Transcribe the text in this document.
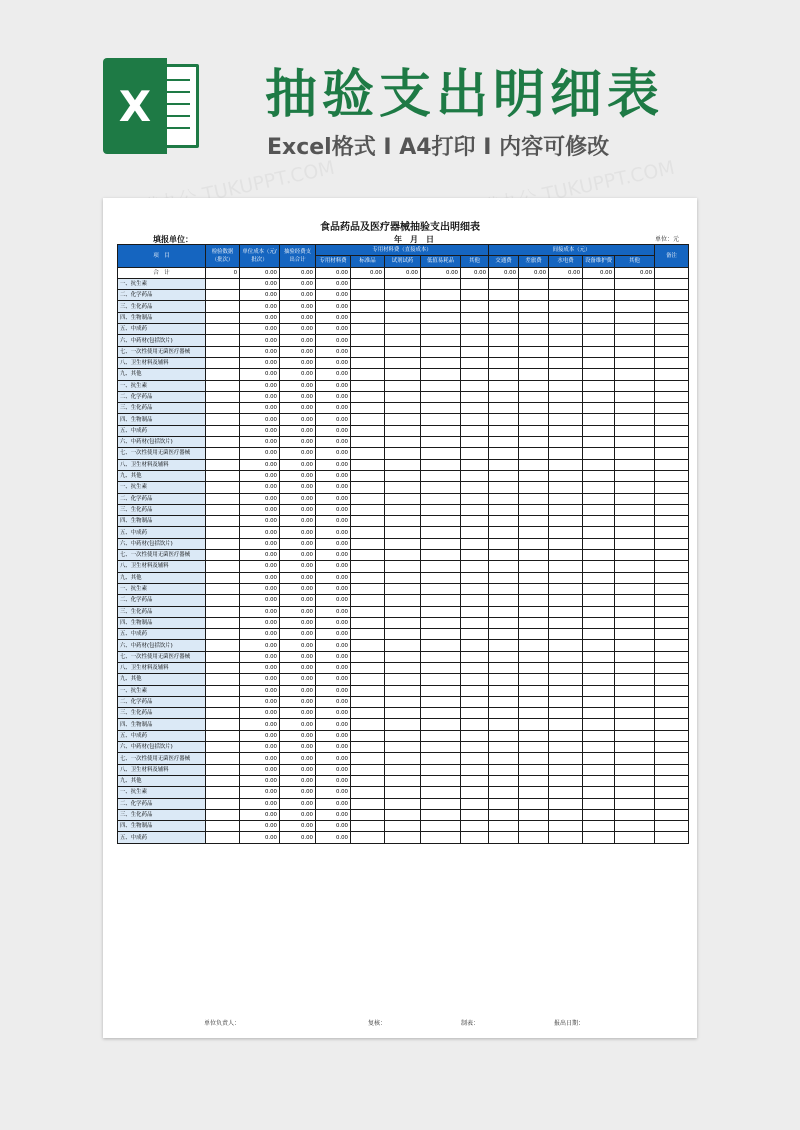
X	抽验支出明细表
Excel格式 I A4打印 I 内容可修改
食品药品及医疗器械抽验支出明细表
填报单位：	年　月　日	单位：元
项　目	检验数据（批次）	单位成本（元/批次）	抽验经费支出合计	专用材料费（直接成本）					间接成本（元）					备注
				专用材料费	标准品	试剂试药	低值易耗品	其他	交通费	差旅费	水电费	设备维护费	其他	
合　计	0	0.00	0.00	0.00	0.00	0.00	0.00	0.00	0.00	0.00	0.00	0.00	0.00	
一、抗生素		0.00	0.00	0.00										
二、化学药品		0.00	0.00	0.00										
三、生化药品		0.00	0.00	0.00										
四、生物制品		0.00	0.00	0.00										
五、中成药		0.00	0.00	0.00										
六、中药材(包括饮片)		0.00	0.00	0.00										
七、一次性使用无菌医疗器械		0.00	0.00	0.00										
八、卫生材料及辅料		0.00	0.00	0.00										
九、其他		0.00	0.00	0.00										
一、抗生素		0.00	0.00	0.00										
二、化学药品		0.00	0.00	0.00										
三、生化药品		0.00	0.00	0.00										
四、生物制品		0.00	0.00	0.00										
五、中成药		0.00	0.00	0.00										
六、中药材(包括饮片)		0.00	0.00	0.00										
七、一次性使用无菌医疗器械		0.00	0.00	0.00										
八、卫生材料及辅料		0.00	0.00	0.00										
九、其他		0.00	0.00	0.00										
一、抗生素		0.00	0.00	0.00										
二、化学药品		0.00	0.00	0.00										
三、生化药品		0.00	0.00	0.00										
四、生物制品		0.00	0.00	0.00										
五、中成药		0.00	0.00	0.00										
六、中药材(包括饮片)		0.00	0.00	0.00										
七、一次性使用无菌医疗器械		0.00	0.00	0.00										
八、卫生材料及辅料		0.00	0.00	0.00										
九、其他		0.00	0.00	0.00										
一、抗生素		0.00	0.00	0.00										
二、化学药品		0.00	0.00	0.00										
三、生化药品		0.00	0.00	0.00										
四、生物制品		0.00	0.00	0.00										
五、中成药		0.00	0.00	0.00										
六、中药材(包括饮片)		0.00	0.00	0.00										
七、一次性使用无菌医疗器械		0.00	0.00	0.00										
八、卫生材料及辅料		0.00	0.00	0.00										
九、其他		0.00	0.00	0.00										
一、抗生素		0.00	0.00	0.00										
二、化学药品		0.00	0.00	0.00										
三、生化药品		0.00	0.00	0.00										
四、生物制品		0.00	0.00	0.00										
五、中成药		0.00	0.00	0.00										
六、中药材(包括饮片)		0.00	0.00	0.00										
七、一次性使用无菌医疗器械		0.00	0.00	0.00										
八、卫生材料及辅料		0.00	0.00	0.00										
九、其他		0.00	0.00	0.00										
一、抗生素		0.00	0.00	0.00										
二、化学药品		0.00	0.00	0.00										
三、生化药品		0.00	0.00	0.00										
四、生物制品		0.00	0.00	0.00										
五、中成药		0.00	0.00	0.00										
单位负责人：	复核：	制表：	报出日期：
